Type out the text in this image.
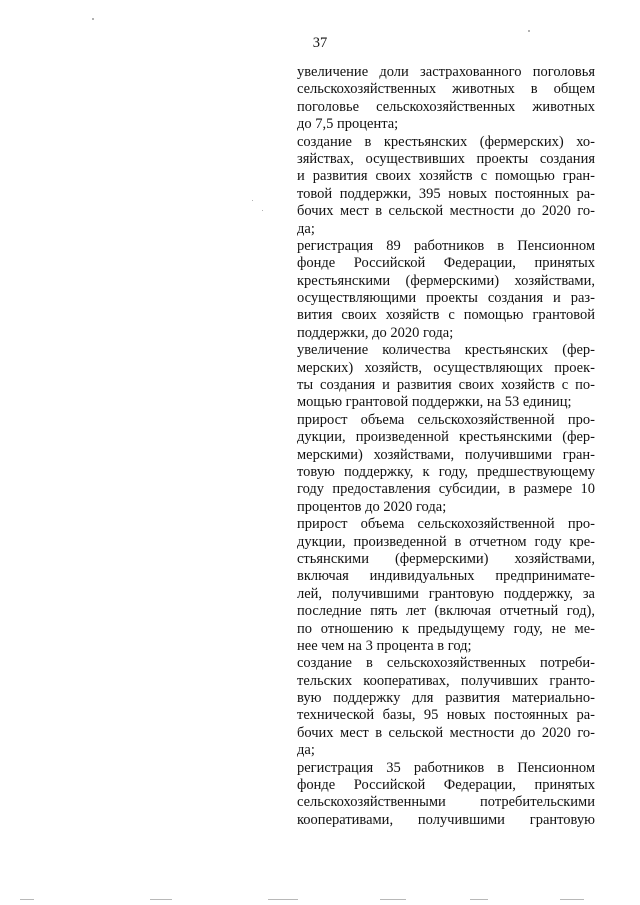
37
увеличение доли застрахованного поголовья
сельскохозяйственных животных в общем
поголовье сельскохозяйственных животных
до 7,5 процента;
создание в крестьянских (фермерских) хо-
зяйствах, осуществивших проекты создания
и развития своих хозяйств с помощью гран-
товой поддержки, 395 новых постоянных ра-
бочих мест в сельской местности до 2020 го-
да;
регистрация 89 работников в Пенсионном
фонде Российской Федерации, принятых
крестьянскими (фермерскими) хозяйствами,
осуществляющими проекты создания и раз-
вития своих хозяйств с помощью грантовой
поддержки, до 2020 года;
увеличение количества крестьянских (фер-
мерских) хозяйств, осуществляющих проек-
ты создания и развития своих хозяйств с по-
мощью грантовой поддержки, на 53 единиц;
прирост объема сельскохозяйственной про-
дукции, произведенной крестьянскими (фер-
мерскими) хозяйствами, получившими гран-
товую поддержку, к году, предшествующему
году предоставления субсидии, в размере 10
процентов до 2020 года;
прирост объема сельскохозяйственной про-
дукции, произведенной в отчетном году кре-
стьянскими (фермерскими) хозяйствами,
включая индивидуальных предпринимате-
лей, получившими грантовую поддержку, за
последние пять лет (включая отчетный год),
по отношению к предыдущему году, не ме-
нее чем на 3 процента в год;
создание в сельскохозяйственных потреби-
тельских кооперативах, получивших гранто-
вую поддержку для развития материально-
технической базы, 95 новых постоянных ра-
бочих мест в сельской местности до 2020 го-
да;
регистрация 35 работников в Пенсионном
фонде Российской Федерации, принятых
сельскохозяйственными потребительскими
кооперативами, получившими грантовую
